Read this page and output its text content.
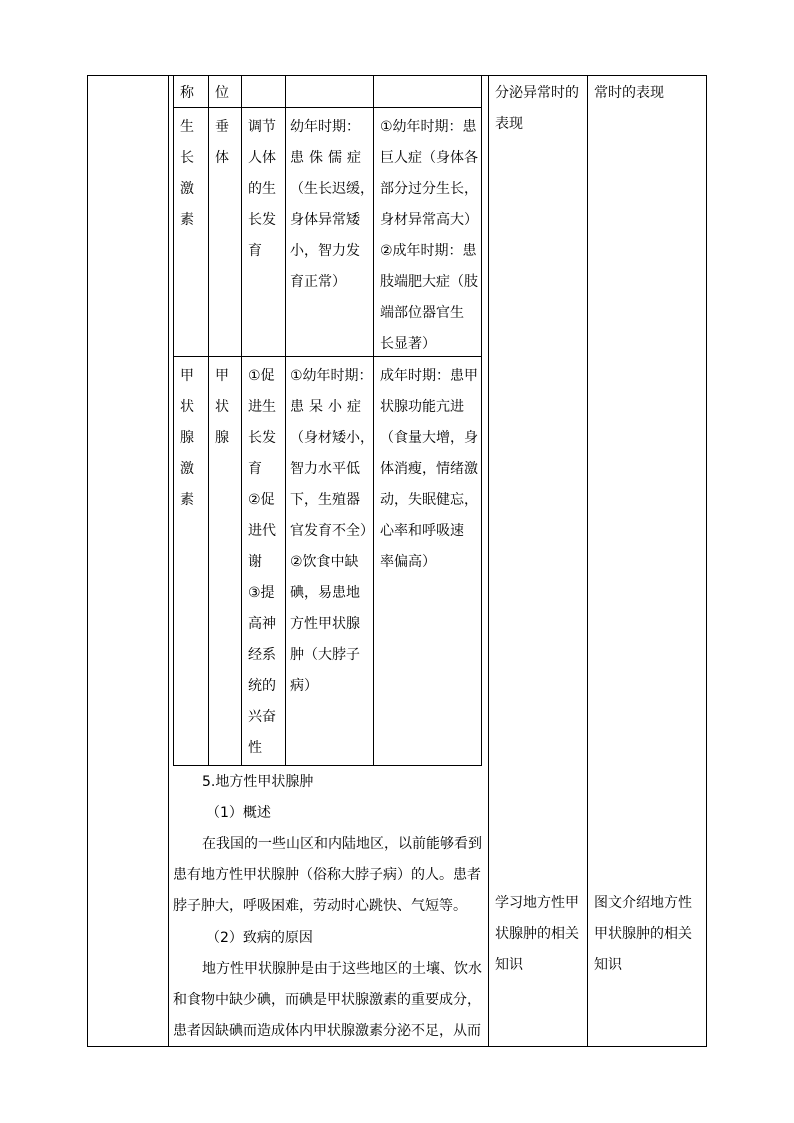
称 位
生
长
激
素
垂
体
调节
人体
的生
长发
育
幼年时期：
患侏儒症
（生长迟缓，
身体异常矮
小，智力发
育正常）
①幼年时期：患
巨人症（身体各
部分过分生长，
身材异常高大）
②成年时期：患
肢端肥大症（肢
端部位器官生
长显著）
甲
状
腺
激
素
甲
状
腺
①促
进生
长发
育
②促
进代
谢
③提
高神
经系
统的
兴奋
性
①幼年时期：
患呆小症
（身材矮小，
智力水平低
下，生殖器
官发育不全）
②饮食中缺
碘，易患地
方性甲状腺
肿（大脖子
病）
成年时期：患甲
状腺功能亢进
（食量大增，身
体消瘦，情绪激
动，失眠健忘，
心率和呼吸速
率偏高）
5.地方性甲状腺肿
（1）概述
在我国的一些山区和内陆地区，以前能够看到
患有地方性甲状腺肿（俗称大脖子病）的人。患者
脖子肿大，呼吸困难，劳动时心跳快、气短等。
（2）致病的原因
地方性甲状腺肿是由于这些地区的土壤、饮水
和食物中缺少碘，而碘是甲状腺激素的重要成分，
患者因缺碘而造成体内甲状腺激素分泌不足，从而
分泌异常时的
表现
学习地方性甲
状腺肿的相关
知识
常时的表现
图文介绍地方性
甲状腺肿的相关
知识
